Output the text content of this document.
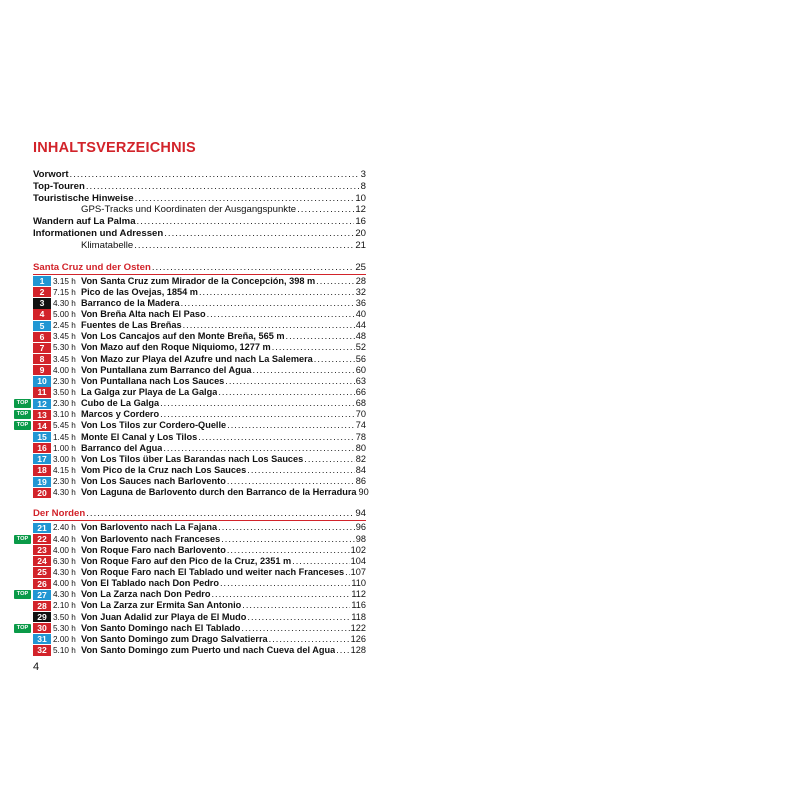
INHALTSVERZEICHNIS
Vorwort .....	3
Top-Touren .....	8
Touristische Hinweise .....	10
GPS-Tracks und Koordinaten der Ausgangspunkte .....	12
Wandern auf La Palma .....	16
Informationen und Adressen .....	20
Klimatabelle .....	21
Santa Cruz und der Osten .....	25
1	3.15 h Von Santa Cruz zum Mirador de la Concepción, 398 m .....	28
2	7.15 h Pico de las Ovejas, 1854 m .....	32
3	4.30 h Barranco de la Madera .....	36
4	5.00 h Von Breña Alta nach El Paso .....	40
5	2.45 h Fuentes de Las Breñas .....	44
6	3.45 h Von Los Cancajos auf den Monte Breña, 565 m .....	48
7	5.30 h Von Mazo auf den Roque Niquiomo, 1277 m .....	52
8	3.45 h Von Mazo zur Playa del Azufre und nach La Salemera .....	56
9	4.00 h Von Puntallana zum Barranco del Agua .....	60
10 2.30 h Von Puntallana nach Los Sauces .....	63
11 3.50 h La Galga zur Playa de La Galga .....	66
TOP	12 2.30 h Cubo de La Galga .....	68
TOP	13 3.10 h Marcos y Cordero .....	70
TOP	14 5.45 h Von Los Tilos zur Cordero-Quelle .....	74
15 1.45 h Monte El Canal y Los Tilos .....	78
16 1.00 h Barranco del Agua .....	80
17 3.00 h Von Los Tilos über Las Barandas nach Los Sauces .....	82
18 4.15 h Vom Pico de la Cruz nach Los Sauces .....	84
19 2.30 h Von Los Sauces nach Barlovento .....	86
20 4.30 h Von Laguna de Barlovento durch den Barranco de la Herradura 90
Der Norden .....	94
21 2.40 h Von Barlovento nach La Fajana .....	96
TOP	22 4.40 h Von Barlovento nach Franceses .....	98
23 4.00 h Von Roque Faro nach Barlovento .....	102
24 6.30 h Von Roque Faro auf den Pico de la Cruz, 2351 m .....	104
25 4.30 h Von Roque Faro nach El Tablado und weiter nach Franceses ..... 107
26 4.00 h Von El Tablado nach Don Pedro .....	110
TOP	27 4.30 h Von La Zarza nach Don Pedro .....	112
28 2.10 h Von La Zarza zur Ermita San Antonio .....	116
29 3.50 h Von Juan Adalid zur Playa de El Mudo .....	118
TOP	30 5.30 h Von Santo Domingo nach El Tablado .....	122
31 2.00 h Von Santo Domingo zum Drago Salvatierra .....	126
32 5.10 h Von Santo Domingo zum Puerto und nach Cueva del Agua ..... 128
4
